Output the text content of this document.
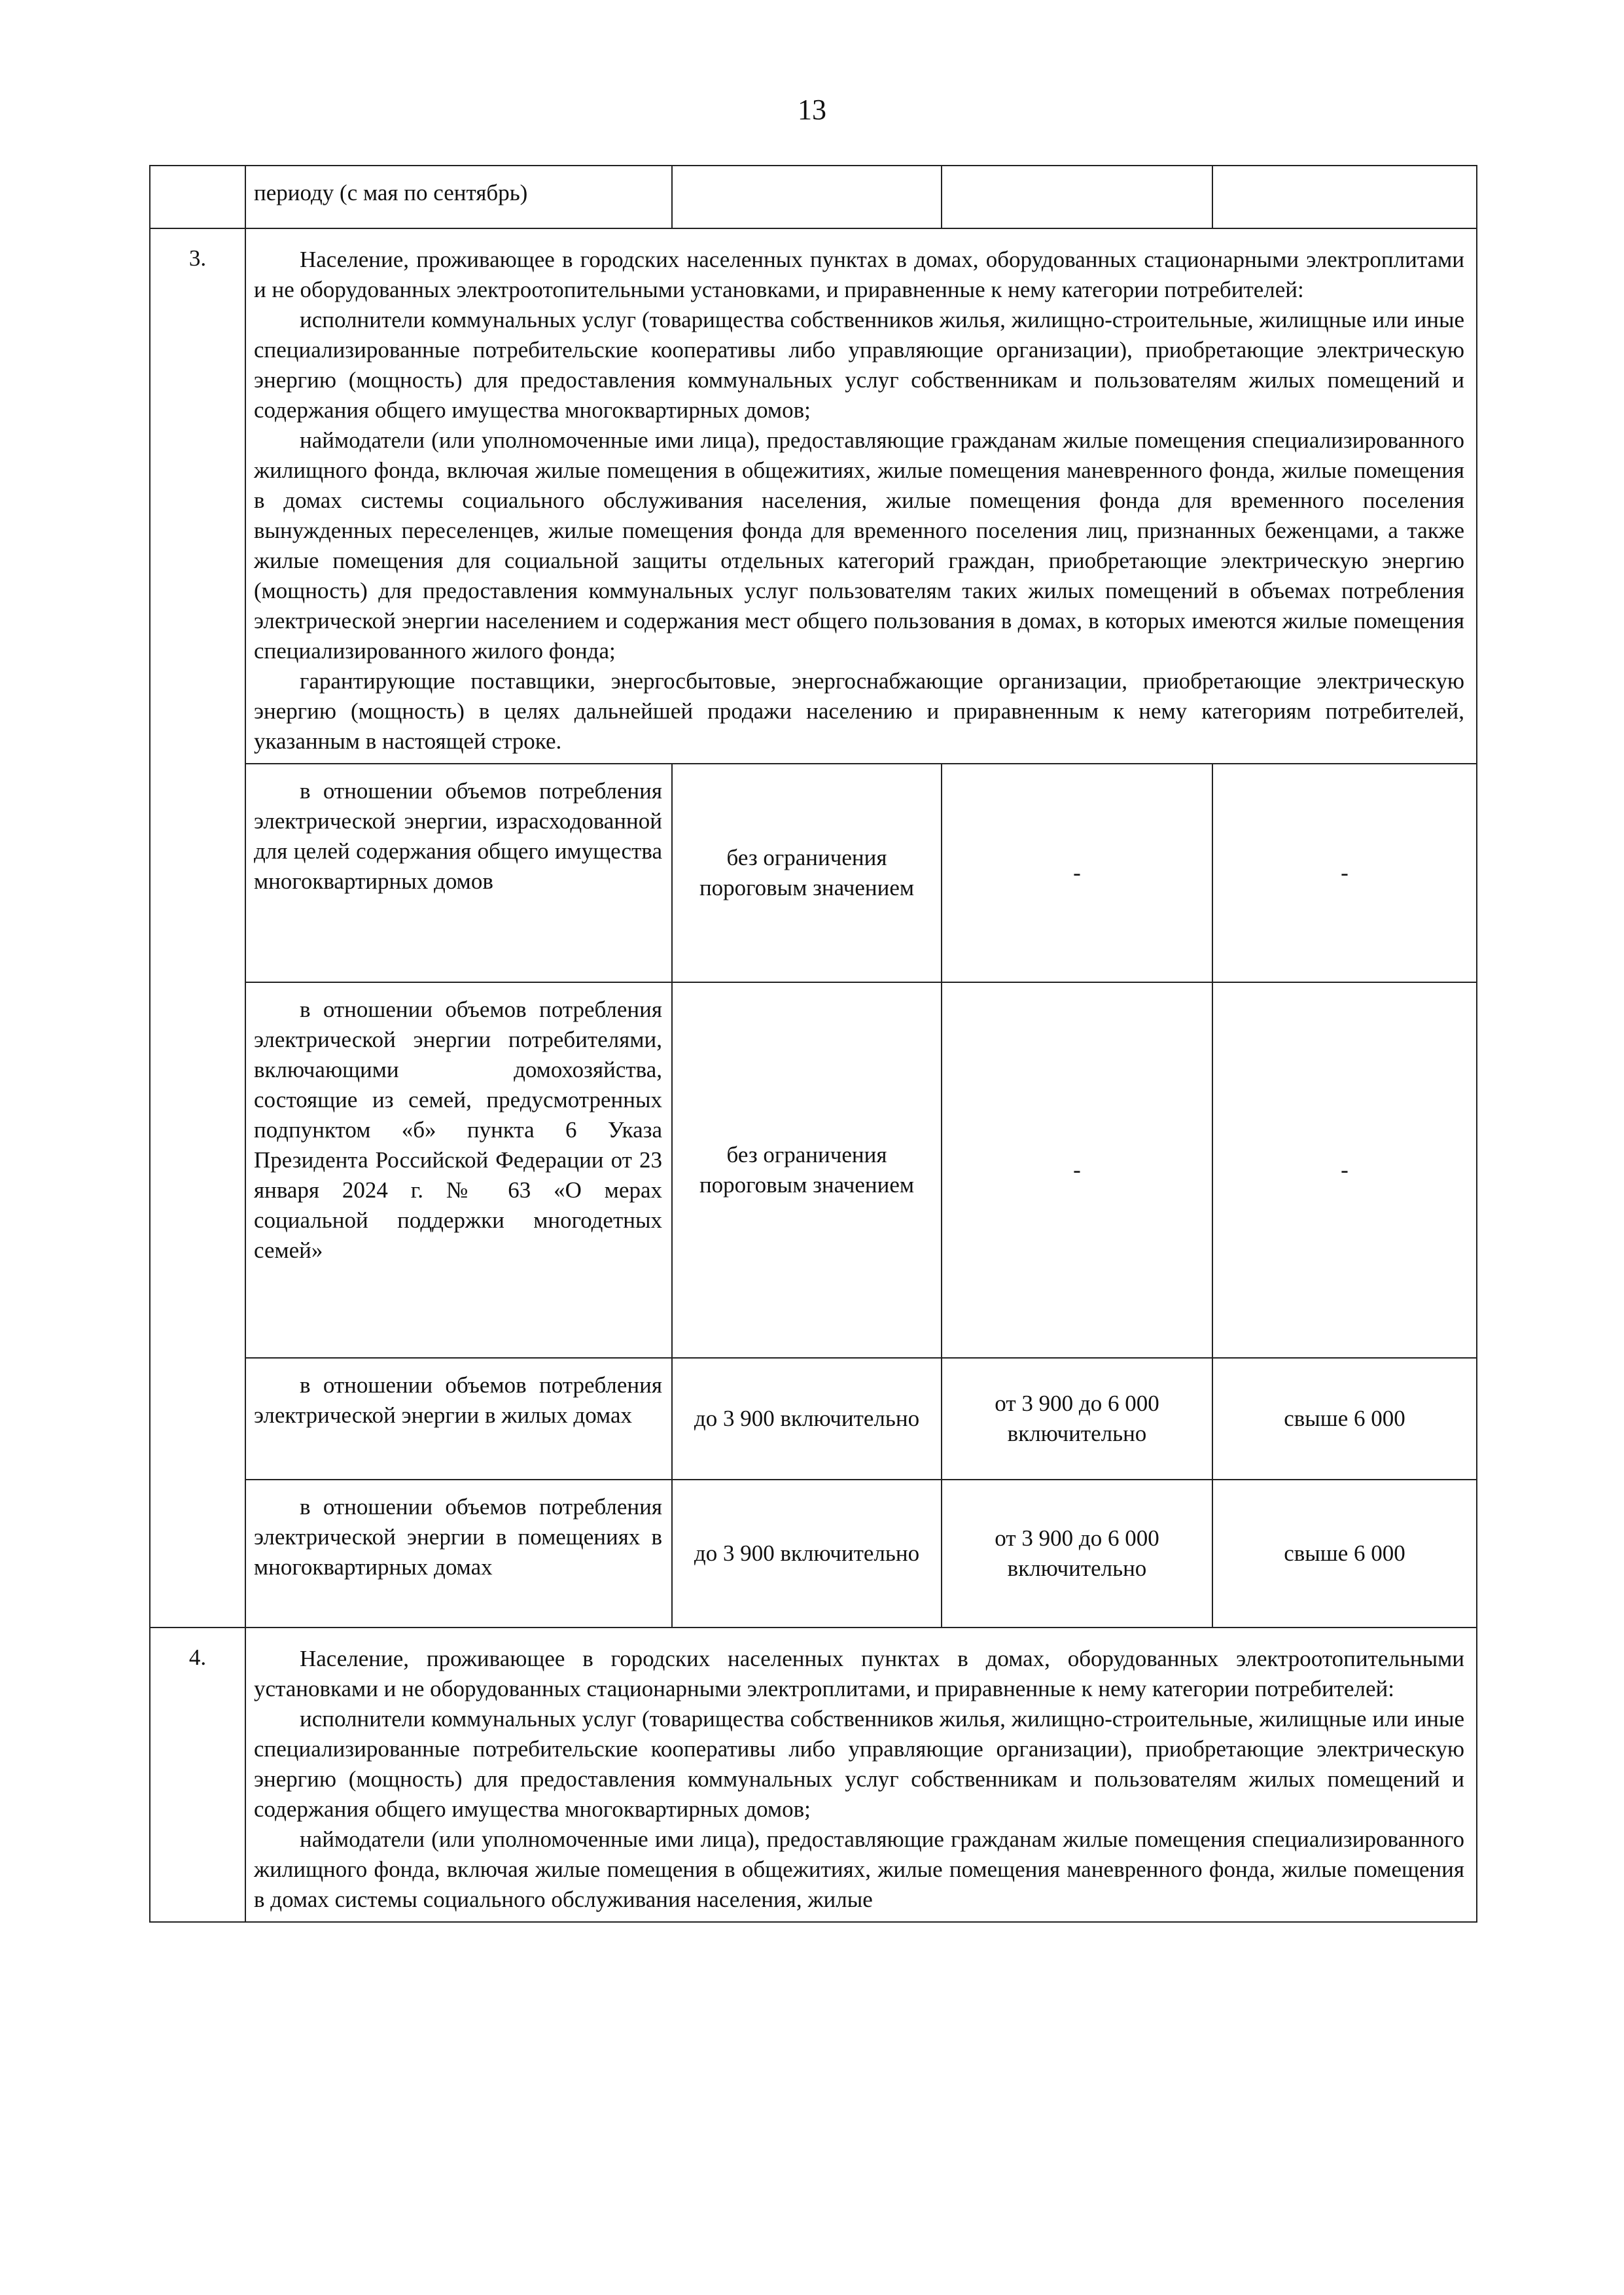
13
	периоду (с мая по сентябрь)			
3.	Население, проживающее в городских населенных пунктах в домах, оборудованных стационарными электроплитами и не оборудованных электроотопительными установками, и приравненные к нему категории потребителей:

исполнители коммунальных услуг (товарищества собственников жилья, жилищно-строительные, жилищные или иные специализированные потребительские кооперативы либо управляющие организации), приобретающие электрическую энергию (мощность) для предоставления коммунальных услуг собственникам и пользователям жилых помещений и содержания общего имущества многоквартирных домов;

наймодатели (или уполномоченные ими лица), предоставляющие гражданам жилые помещения специализированного жилищного фонда, включая жилые помещения в общежитиях, жилые помещения маневренного фонда, жилые помещения в домах системы социального обслуживания населения, жилые помещения фонда для временного поселения вынужденных переселенцев, жилые помещения фонда для временного поселения лиц, признанных беженцами, а также жилые помещения для социальной защиты отдельных категорий граждан, приобретающие электрическую энергию (мощность) для предоставления коммунальных услуг пользователям таких жилых помещений в объемах потребления электрической энергии населением и содержания мест общего пользования в домах, в которых имеются жилые помещения специализированного жилого фонда;

гарантирующие поставщики, энергосбытовые, энергоснабжающие организации, приобретающие электрическую энергию (мощность) в целях дальнейшей продажи населению и приравненным к нему категориям потребителей, указанным в настоящей строке.			

	в отношении объемов потребления электрической энергии, израсходованной для целей содержания общего имущества многоквартирных домов	без ограничения пороговым значением	-	-

	в отношении объемов потребления электрической энергии потребителями, включающими домохозяйства, состоящие из семей, предусмотренных подпунктом «б» пункта 6 Указа Президента Российской Федерации от 23 января 2024 г. № 63 «О мерах социальной поддержки многодетных семей»	без ограничения пороговым значением	-	-

	в отношении объемов потребления электрической энергии в жилых домах	до 3 900 включительно	от 3 900 до 6 000 включительно	свыше 6 000

	в отношении объемов потребления электрической энергии в помещениях в многоквартирных домах	до 3 900 включительно	от 3 900 до 6 000 включительно	свыше 6 000
4.	Население, проживающее в городских населенных пунктах в домах, оборудованных электроотопительными установками и не оборудованных стационарными электроплитами, и приравненные к нему категории потребителей:

исполнители коммунальных услуг (товарищества собственников жилья, жилищно-строительные, жилищные или иные специализированные потребительские кооперативы либо управляющие организации), приобретающие электрическую энергию (мощность) для предоставления коммунальных услуг собственникам и пользователям жилых помещений и содержания общего имущества многоквартирных домов;

наймодатели (или уполномоченные ими лица), предоставляющие гражданам жилые помещения специализированного жилищного фонда, включая жилые помещения в общежитиях, жилые помещения маневренного фонда, жилые помещения в домах системы социального обслуживания населения, жилые			
